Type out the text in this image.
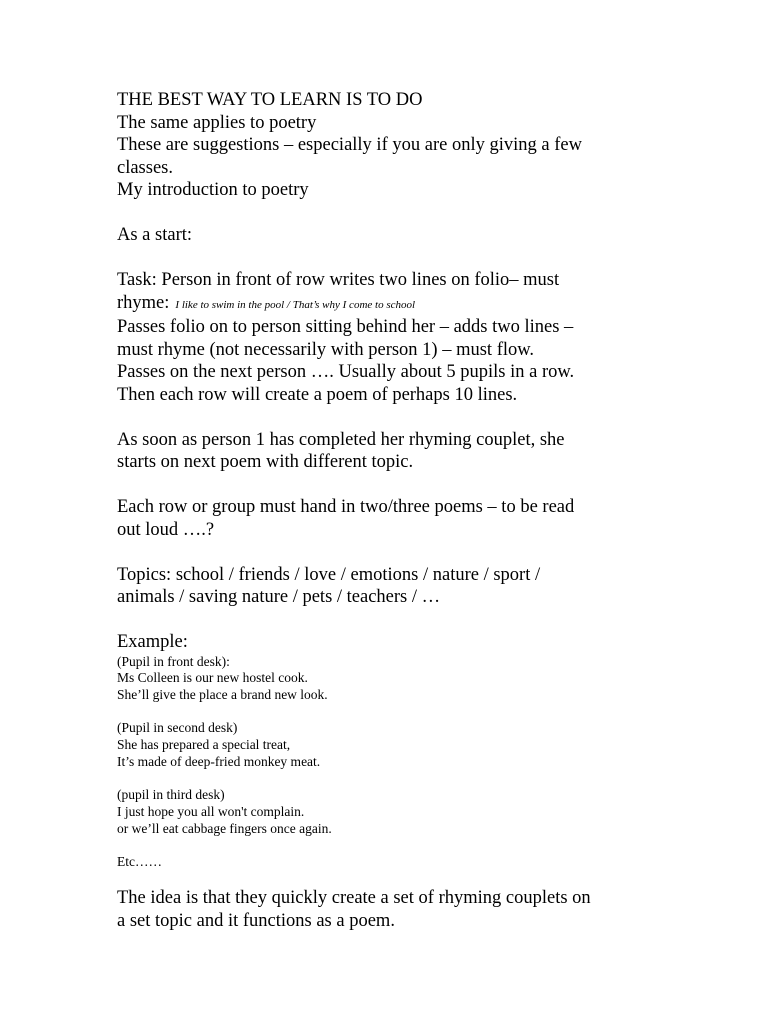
THE BEST WAY TO LEARN IS TO DO
The same applies to poetry
These are suggestions – especially if you are only giving a few
classes.
My introduction to poetry

As a start:

Task: Person in front of row writes two lines on folio– must
rhyme: I like to swim in the pool / That’s why I come to school
Passes folio on to person sitting behind her – adds two lines –
must rhyme (not necessarily with person 1) – must flow.
Passes on the next person …. Usually about 5 pupils in a row.
Then each row will create a poem of perhaps 10 lines.

As soon as person 1 has completed her rhyming couplet, she
starts on next poem with different topic.

Each row or group must hand in two/three poems – to be read
out loud ….?

Topics: school / friends / love / emotions / nature / sport /
animals / saving nature / pets / teachers / …

Example:

(Pupil in front desk):
Ms Colleen is our new hostel cook.
She’ll give the place a brand new look.

(Pupil in second desk)
She has prepared a special treat,
It’s made of deep-fried monkey meat.

(pupil in third desk)
I just hope you all won't complain.
or we’ll eat cabbage fingers once again.

Etc……

The idea is that they quickly create a set of rhyming couplets on
a set topic and it functions as a poem.
